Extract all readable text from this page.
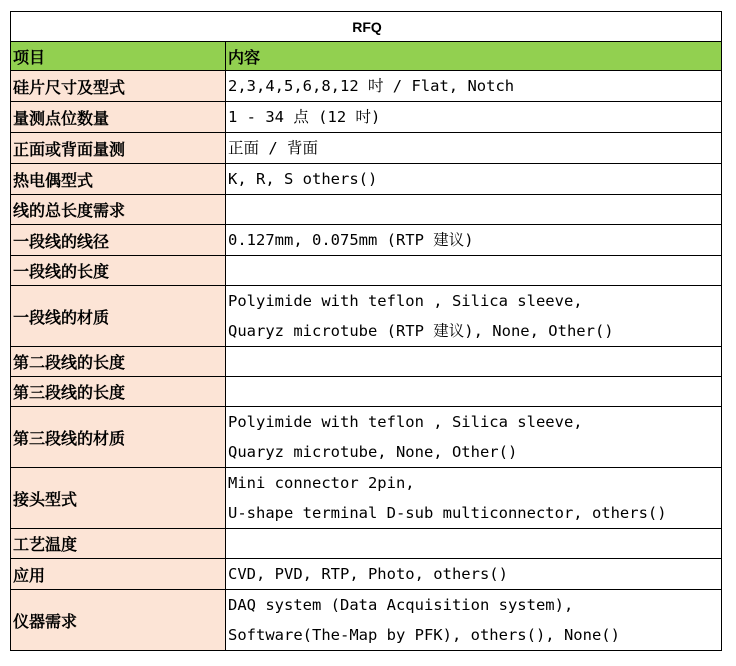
RFQ	
项目	内容
硅片尺寸及型式	2,3,4,5,6,8,12 吋 / Flat, Notch

量测点位数量	1 - 34 点 (12 吋)

正面或背面量测	正面 / 背面

热电偶型式	K, R, S others()

线的总长度需求	

一段线的线径	0.127mm, 0.075mm (RTP 建议)

一段线的长度	

一段线的材质	Polyimide with teflon , Silica sleeve,
Quaryz microtube (RTP 建议), None, Other()

第二段线的长度	

第三段线的长度	

第三段线的材质	Polyimide with teflon , Silica sleeve,
Quaryz microtube, None, Other()

接头型式	Mini connector 2pin,
U-shape terminal D-sub multiconnector, others()

工艺温度	

应用	CVD, PVD, RTP, Photo, others()

仪器需求	DAQ system (Data Acquisition system),
Software(The-Map by PFK), others(), None()
